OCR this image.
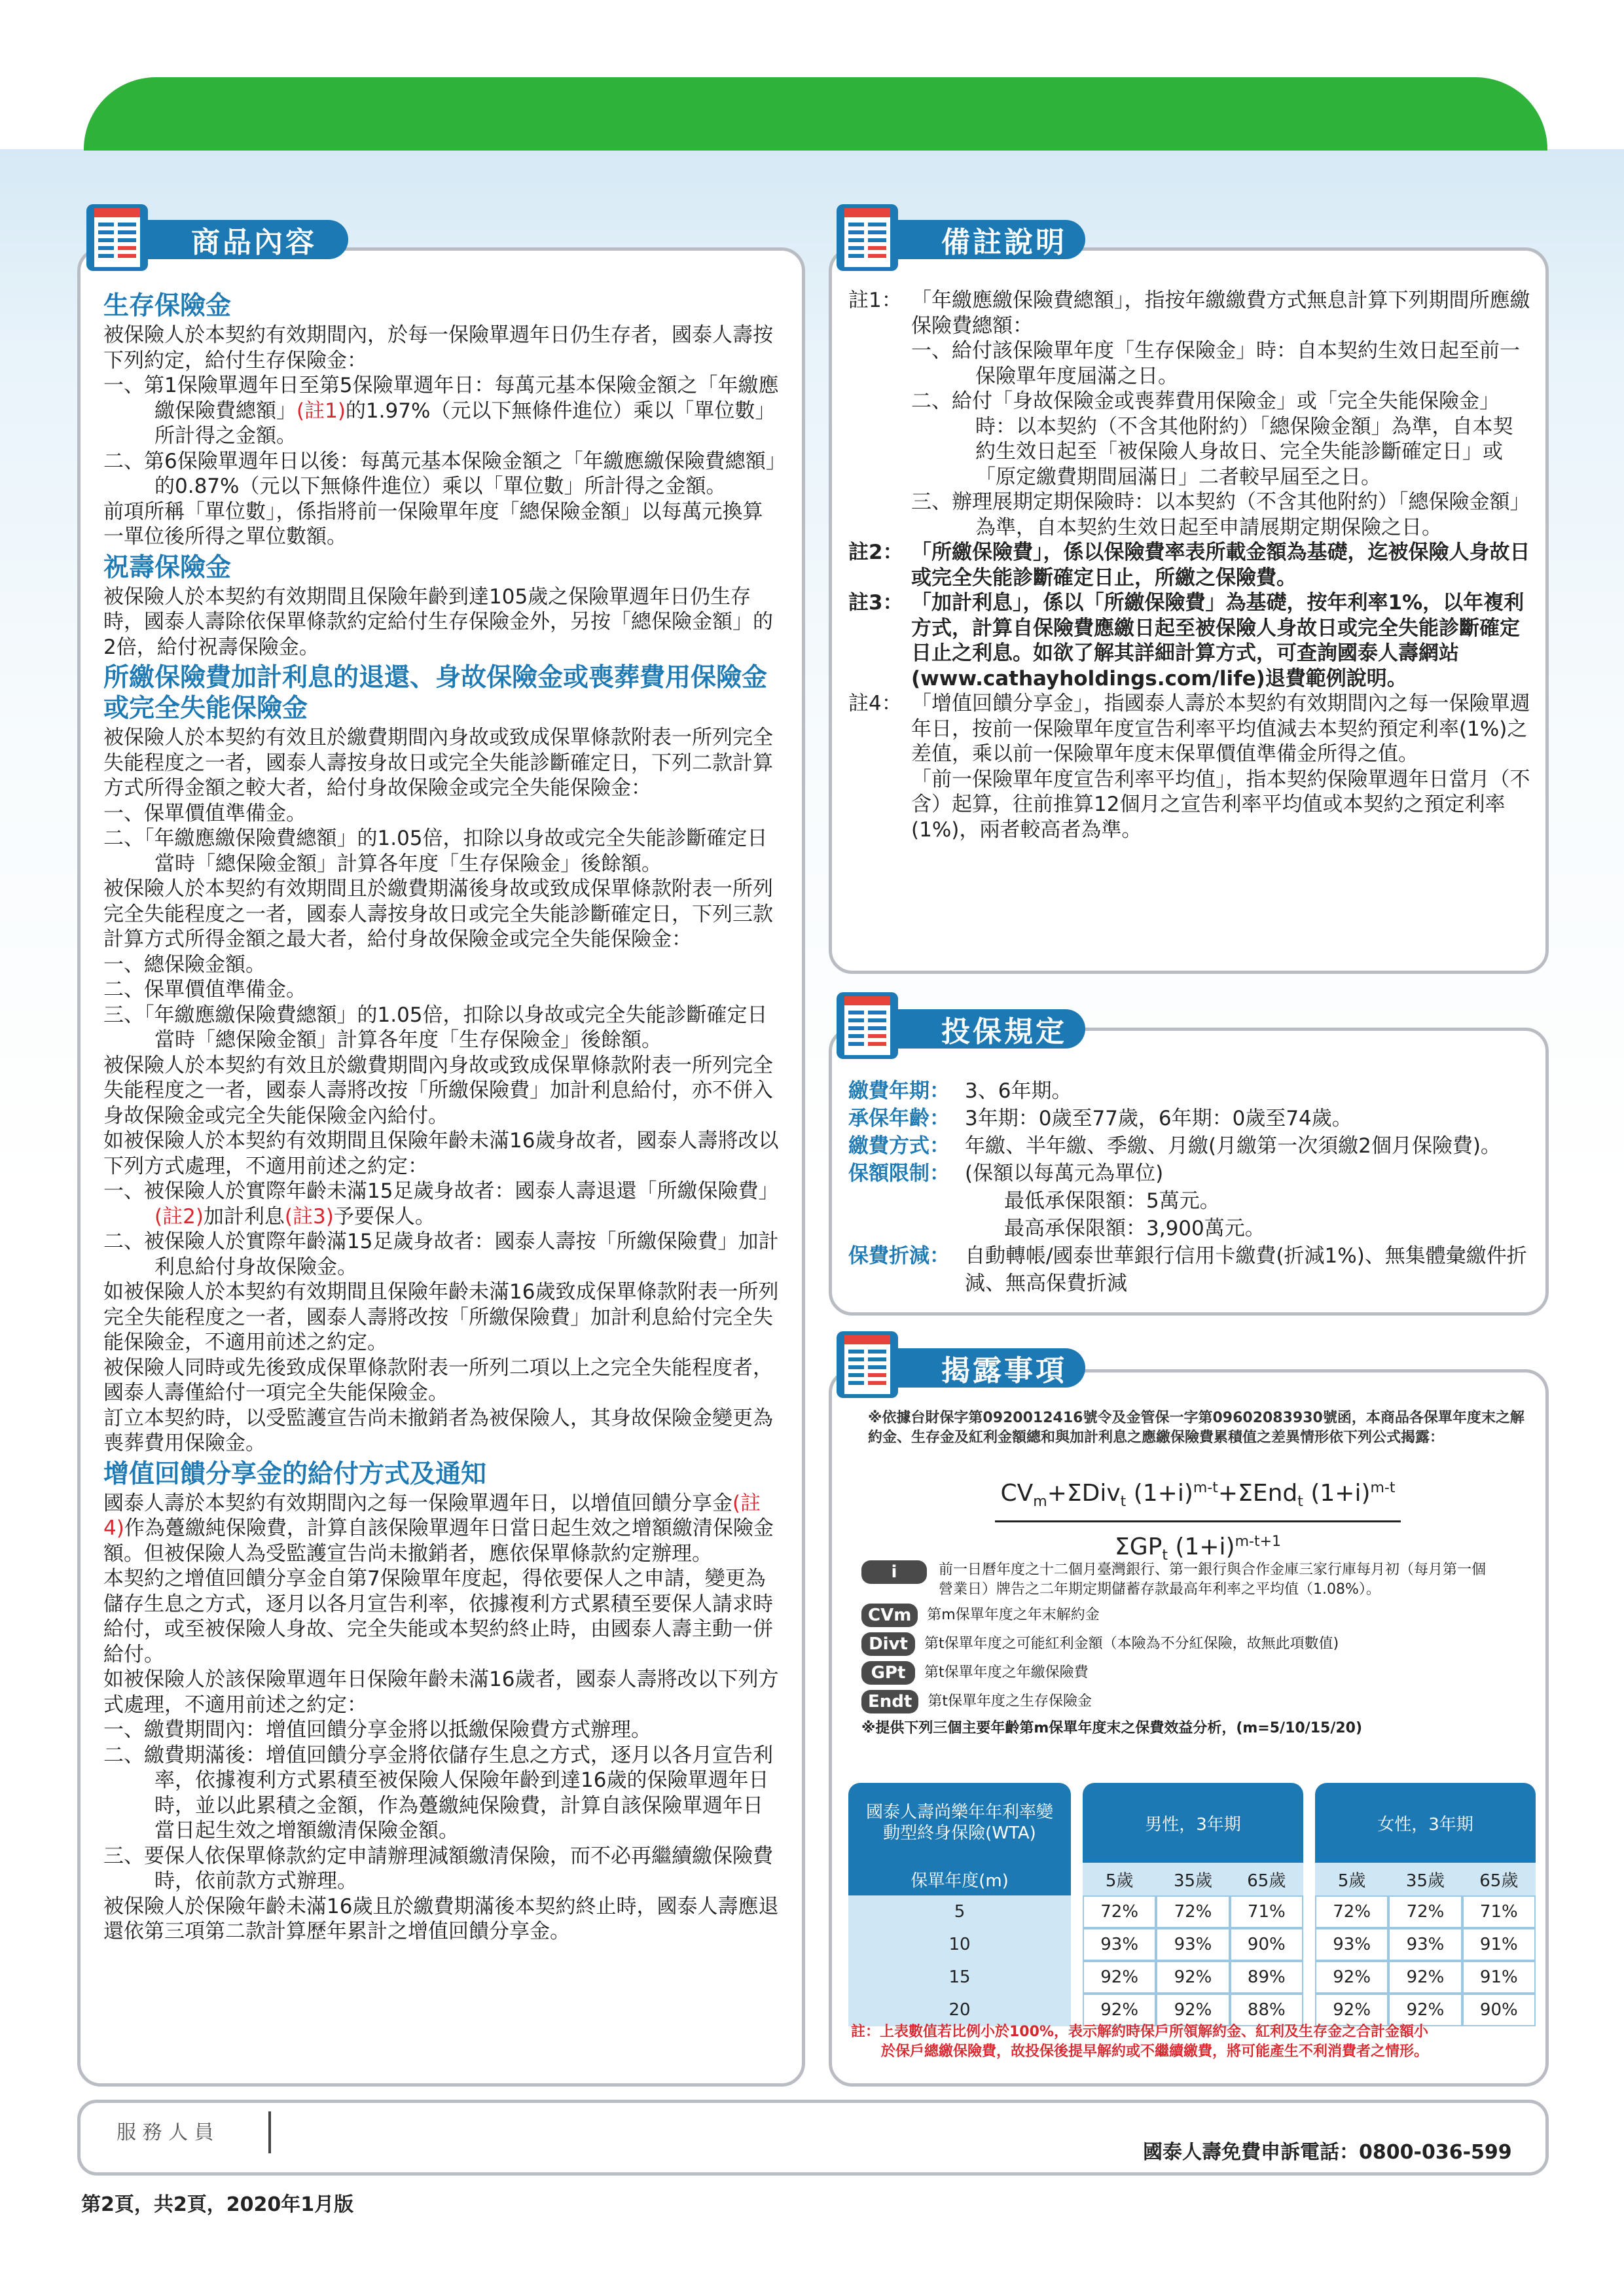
商品內容
生存保險金

被保險人於本契約有效期間內，於每一保險單週年日仍生存者，國泰人壽按下列約定，給付生存保險金：

一、第1保險單週年日至第5保險單週年日：每萬元基本保險金額之「年繳應繳保險費總額」(註1)的1.97%（元以下無條件進位）乘以「單位數」所計得之金額。

二、第6保險單週年日以後：每萬元基本保險金額之「年繳應繳保險費總額」的0.87%（元以下無條件進位）乘以「單位數」所計得之金額。

前項所稱「單位數」，係指將前一保險單年度「總保險金額」以每萬元換算一單位後所得之單位數額。

祝壽保險金

被保險人於本契約有效期間且保險年齡到達105歲之保險單週年日仍生存時，國泰人壽除依保單條款約定給付生存保險金外，另按「總保險金額」的2倍，給付祝壽保險金。

所繳保險費加計利息的退還、身故保險金或喪葬費用保險金或完全失能保險金

被保險人於本契約有效且於繳費期間內身故或致成保單條款附表一所列完全失能程度之一者，國泰人壽按身故日或完全失能診斷確定日，下列二款計算方式所得金額之較大者，給付身故保險金或完全失能保險金：

一、保單價值準備金。

二、「年繳應繳保險費總額」的1.05倍，扣除以身故或完全失能診斷確定日當時「總保險金額」計算各年度「生存保險金」後餘額。

被保險人於本契約有效期間且於繳費期滿後身故或致成保單條款附表一所列完全失能程度之一者，國泰人壽按身故日或完全失能診斷確定日，下列三款計算方式所得金額之最大者，給付身故保險金或完全失能保險金：

一、總保險金額。

二、保單價值準備金。

三、「年繳應繳保險費總額」的1.05倍，扣除以身故或完全失能診斷確定日當時「總保險金額」計算各年度「生存保險金」後餘額。

被保險人於本契約有效且於繳費期間內身故或致成保單條款附表一所列完全失能程度之一者，國泰人壽將改按「所繳保險費」加計利息給付，亦不併入身故保險金或完全失能保險金內給付。

如被保險人於本契約有效期間且保險年齡未滿16歲身故者，國泰人壽將改以下列方式處理，不適用前述之約定：

一、被保險人於實際年齡未滿15足歲身故者：國泰人壽退還「所繳保險費」(註2)加計利息(註3)予要保人。

二、被保險人於實際年齡滿15足歲身故者：國泰人壽按「所繳保險費」加計利息給付身故保險金。

如被保險人於本契約有效期間且保險年齡未滿16歲致成保單條款附表一所列完全失能程度之一者，國泰人壽將改按「所繳保險費」加計利息給付完全失能保險金，不適用前述之約定。

被保險人同時或先後致成保單條款附表一所列二項以上之完全失能程度者，國泰人壽僅給付一項完全失能保險金。

訂立本契約時，以受監護宣告尚未撤銷者為被保險人，其身故保險金變更為喪葬費用保險金。

增值回饋分享金的給付方式及通知

國泰人壽於本契約有效期間內之每一保險單週年日，以增值回饋分享金(註4)作為躉繳純保險費，計算自該保險單週年日當日起生效之增額繳清保險金額。但被保險人為受監護宣告尚未撤銷者，應依保單條款約定辦理。

本契約之增值回饋分享金自第7保險單年度起，得依要保人之申請，變更為儲存生息之方式，逐月以各月宣告利率，依據複利方式累積至要保人請求時給付，或至被保險人身故、完全失能或本契約終止時，由國泰人壽主動一併給付。

如被保險人於該保險單週年日保險年齡未滿16歲者，國泰人壽將改以下列方式處理，不適用前述之約定：

一、繳費期間內：增值回饋分享金將以抵繳保險費方式辦理。

二、繳費期滿後：增值回饋分享金將依儲存生息之方式，逐月以各月宣告利率，依據複利方式累積至被保險人保險年齡到達16歲的保險單週年日時，並以此累積之金額，作為躉繳純保險費，計算自該保險單週年日當日起生效之增額繳清保險金額。

三、要保人依保單條款約定申請辦理減額繳清保險，而不必再繼續繳保險費時，依前款方式辦理。

被保險人於保險年齡未滿16歲且於繳費期滿後本契約終止時，國泰人壽應退還依第三項第二款計算歷年累計之增值回饋分享金。

備註說明
註1： 「年繳應繳保險費總額」，指按年繳繳費方式無息計算下列期間所應繳保險費總額：

一、給付該保險單年度「生存保險金」時：自本契約生效日起至前一保險單年度屆滿之日。

二、給付「身故保險金或喪葬費用保險金」或「完全失能保險金」時：以本契約（不含其他附約）「總保險金額」為準，自本契約生效日起至「被保險人身故日、完全失能診斷確定日」或「原定繳費期間屆滿日」二者較早屆至之日。

三、辦理展期定期保險時：以本契約（不含其他附約）「總保險金額」為準，自本契約生效日起至申請展期定期保險之日。

註2： 「所繳保險費」，係以保險費率表所載金額為基礎，迄被保險人身故日或完全失能診斷確定日止，所繳之保險費。

註3： 「加計利息」，係以「所繳保險費」為基礎，按年利率1%，以年複利方式，計算自保險費應繳日起至被保險人身故日或完全失能診斷確定日止之利息。如欲了解其詳細計算方式，可查詢國泰人壽網站(www.cathayholdings.com/life)退費範例說明。

註4： 「增值回饋分享金」，指國泰人壽於本契約有效期間內之每一保險單週年日，按前一保險單年度宣告利率平均值減去本契約預定利率(1%)之差值，乘以前一保險單年度末保單價值準備金所得之值。

「前一保險單年度宣告利率平均值」，指本契約保險單週年日當月（不含）起算，往前推算12個月之宣告利率平均值或本契約之預定利率(1%)，兩者較高者為準。

投保規定
繳費年期： 3、6年期。
承保年齡： 3年期：0歲至77歲，6年期：0歲至74歲。
繳費方式： 年繳、半年繳、季繳、月繳(月繳第一次須繳2個月保險費)。
保額限制： (保額以每萬元為單位)
最低承保限額：5萬元。
最高承保限額：3,900萬元。
保費折減： 自動轉帳/國泰世華銀行信用卡繳費(折減1%)、無集體彙繳件折減、無高保費折減
揭露事項
※依據台財保字第0920012416號令及金管保一字第09602083930號函，本商品各保單年度末之解約金、生存金及紅利金額總和與加計利息之應繳保險費累積值之差異情形依下列公式揭露：
$CV_m+\Sigma Div_t$ $(1+i)^{m-t}+\Sigma End_t$ $(1+i)^{m-t}$
$\Sigma GP_t$ $(1+i)^{m-t+1}$
i	前一日曆年度之十二個月臺灣銀行、第一銀行與合作金庫三家行庫每月初（每月第一個營業日）牌告之二年期定期儲蓄存款最高年利率之平均值（1.08%）。
CVm	第m保單年度之年末解約金
Divt	第t保單年度之可能紅利金額（本險為不分紅保險，故無此項數值)
GPt	第t保單年度之年繳保險費
Endt	第t保單年度之生存保險金
※提供下列三個主要年齡第m保單年度末之保費效益分析，(m=5/10/15/20)
國泰人壽尚樂年年利率變動型終身保險(WTA)		男性，3年期				女性，3年期		

保單年度(m)		5歲	35歲	65歲		5歲	35歲	65歲
5		72%	72%	71%		72%	72%	71%
10		93%	93%	90%		93%	93%	91%
15		92%	92%	89%		92%	92%	91%
20		92%	92%	88%		92%	92%	90%

註：上表數值若比例小於100%，表示解約時保戶所領解約金、紅利及生存金之合計金額小

於保戶總繳保險費，故投保後提早解約或不繼續繳費，將可能產生不利消費者之情形。

服 務 人 員
國泰人壽免費申訴電話：0800-036-599
第2頁，共2頁，2020年1月版
